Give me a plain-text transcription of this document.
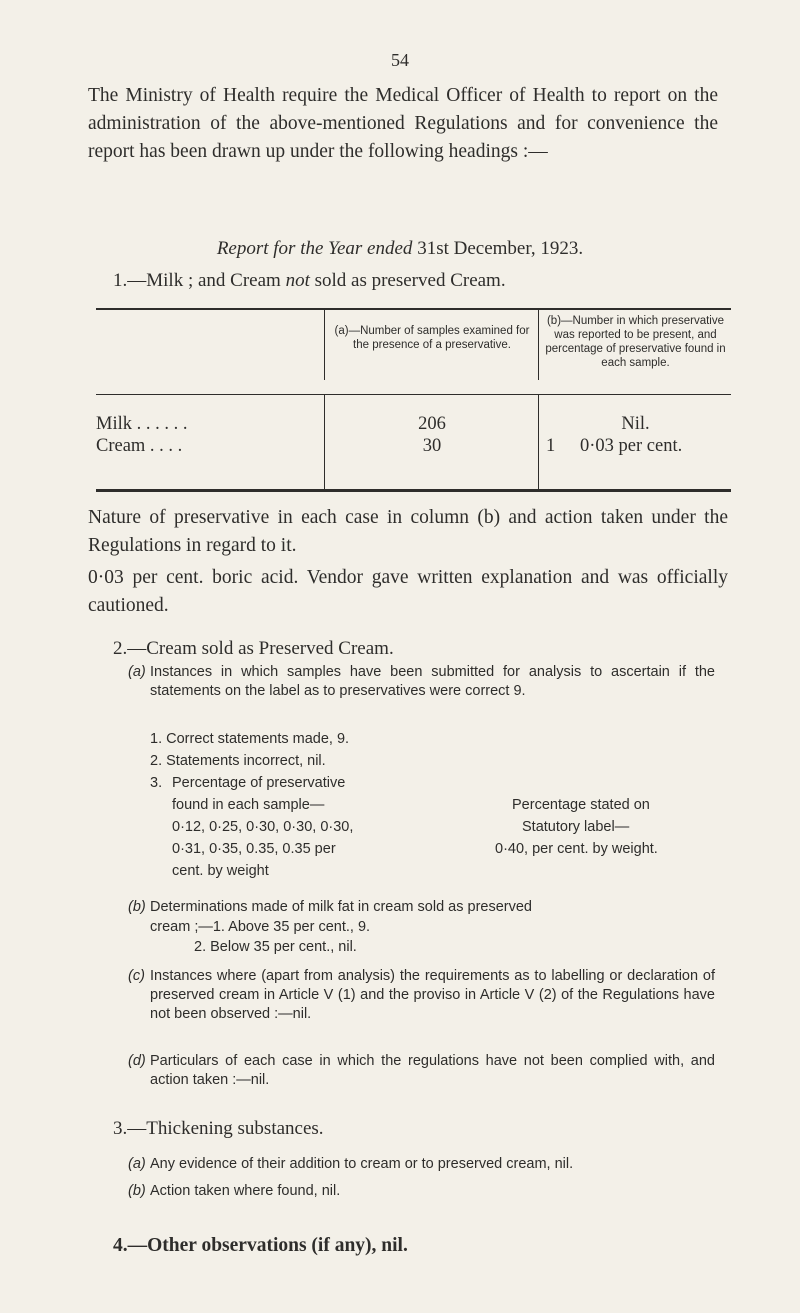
54
The Ministry of Health require the Medical Officer of Health to report on the administration of the above-mentioned Regulations and for convenience the report has been drawn up under the following headings :—
Report for the Year ended 31st December, 1923.
1.—Milk ; and Cream not sold as preserved Cream.
(a)—Number of samples examined for the presence of a preservative.
(b)—Number in which preservative was reported to be present, and percentage of preservative found in each sample.
Milk . . . . . .	206	Nil.
Cream . . . .	30	1	0·03 per cent.
Nature of preservative in each case in column (b) and action taken under the Regulations in regard to it.
0·03 per cent. boric acid. Vendor gave written explanation and was officially cautioned.
2.—Cream sold as Preserved Cream.
(a) Instances in which samples have been submitted for analysis to ascertain if the statements on the label as to preservatives were correct 9.
1. Correct statements made, 9.
2. Statements incorrect, nil.
3. Percentage of preservative
found in each sample—
0·12, 0·25, 0·30, 0·30, 0·30,
0·31, 0·35, 0.35, 0.35 per
cent. by weight
Percentage stated on
Statutory label—
0·40, per cent. by weight.
(b) Determinations made of milk fat in cream sold as preserved
cream ;—1. Above 35 per cent., 9.
2. Below 35 per cent., nil.
(c) Instances where (apart from analysis) the requirements as to labelling or declaration of preserved cream in Article V (1) and the proviso in Article V (2) of the Regulations have not been observed :—nil.
(d) Particulars of each case in which the regulations have not been complied with, and action taken :—nil.
3.—Thickening substances.
(a) Any evidence of their addition to cream or to preserved cream, nil.
(b) Action taken where found, nil.
4.—Other observations (if any), nil.
